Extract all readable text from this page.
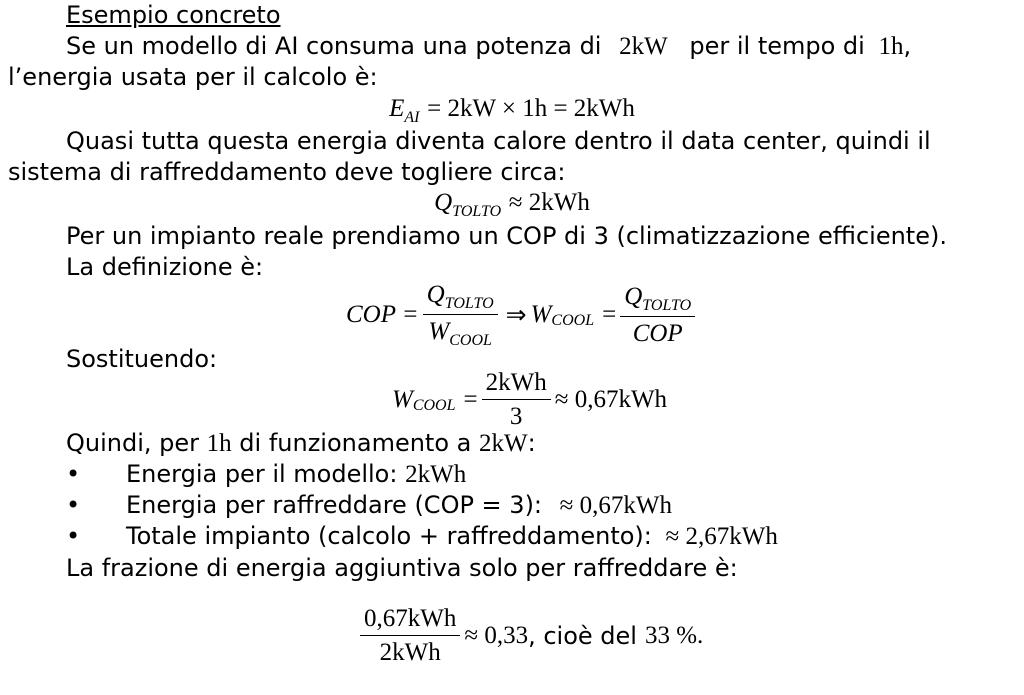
Esempio concreto
Se un modello di AI consuma una potenza di 2kW per il tempo di 1h,
l’energia usata per il calcolo è:
$E_{AI} = 2kW \times 1h = 2kWh$
Quasi tutta questa energia diventa calore dentro il data center, quindi il
sistema di raffreddamento deve togliere circa:
$Q_{TOLTO} \approx 2kWh$
Per un impianto reale prendiamo un COP di 3 (climatizzazione efficiente).
La definizione è:
COP = $\frac{Q_{TOLTO}}{W_{COOL}}$ ⇒ W COOL = $\frac{Q_{TOLTO}}{\text{COP}}$
Sostituendo:
W COOL = $\frac{\text{2kWh}}{3} \approx 0,67kWh$
Quindi, per 1h di funzionamento a 2kW:
• Energia per il modello: 2kWh
• Energia per raffreddare (COP = 3): ≈ 0,67kWh
• Totale impianto (calcolo + raffreddamento): ≈ 2,67kWh
La frazione di energia aggiuntiva solo per raffreddare è:
$\frac{\text{0,67kWh}}{\text{2kWh}} \approx 0,33$ , cioè del 33 % .
